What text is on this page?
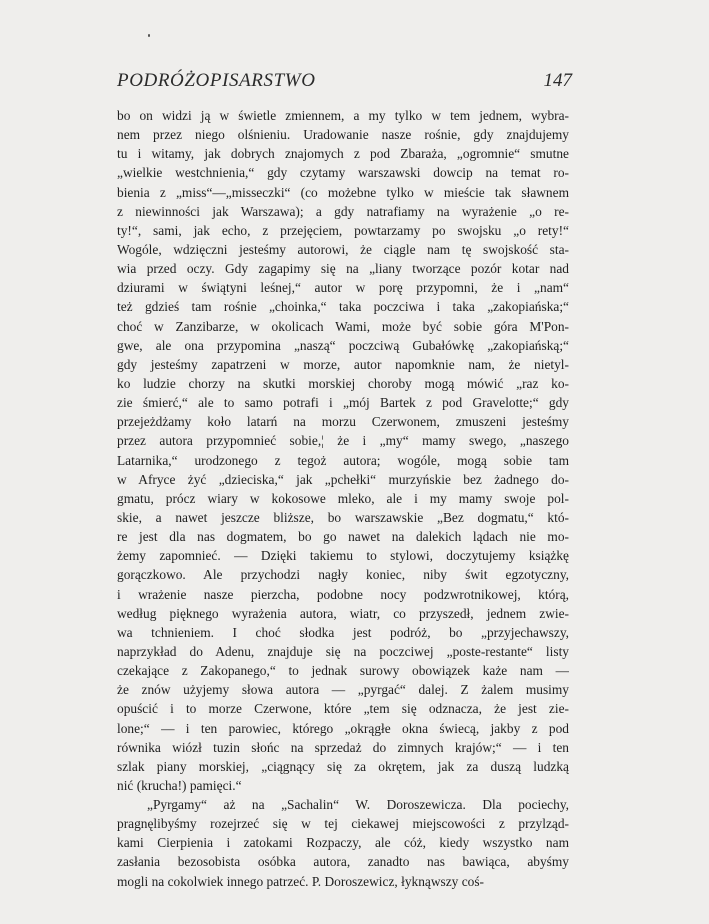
PODRÓŻOPISARSTWO	147
bo on widzi ją w świetle zmiennem, a my tylko w tem jednem, wybra-
nem przez niego olśnieniu. Uradowanie nasze rośnie, gdy znajdujemy
tu i witamy, jak dobrych znajomych z pod Zbaraża, „ogromnie“ smutne
„wielkie westchnienia,“ gdy czytamy warszawski dowcip na temat ro-
bienia z „miss“—„misseczki“ (co możebne tylko w mieście tak sławnem
z niewinności jak Warszawa); a gdy natrafiamy na wyrażenie „o re-
ty!“, sami, jak echo, z przejęciem, powtarzamy po swojsku „o rety!“
Wogóle, wdzięczni jesteśmy autorowi, że ciągle nam tę swojskość sta-
wia przed oczy. Gdy zagapimy się na „liany tworzące pozór kotar nad
dziurami w świątyni leśnej,“ autor w porę przypomni, że i „nam“
też gdzieś tam rośnie „choinka,“ taka poczciwa i taka „zakopiańska;“
choć w Zanzibarze, w okolicach Wami, może być sobie góra M'Pon-
gwe, ale ona przypomina „naszą“ poczciwą Gubałówkę „zakopiańską;“
gdy jesteśmy zapatrzeni w morze, autor napomknie nam, że nietyl-
ko ludzie chorzy na skutki morskiej choroby mogą mówić „raz ko-
zie śmierć,“ ale to samo potrafi i „mój Bartek z pod Gravelotte;“ gdy
przejeżdżamy koło latarń na morzu Czerwonem, zmuszeni jesteśmy
przez autora przypomnieć sobie,¦ że i „my“ mamy swego, „naszego
Latarnika,“ urodzonego z tegoż autora; wogóle, mogą sobie tam
w Afryce żyć „dzieciska,“ jak „pchełki“ murzyńskie bez żadnego do-
gmatu, prócz wiary w kokosowe mleko, ale i my mamy swoje pol-
skie, a nawet jeszcze bliższe, bo warszawskie „Bez dogmatu,“ któ-
re jest dla nas dogmatem, bo go nawet na dalekich lądach nie mo-
żemy zapomnieć. — Dzięki takiemu to stylowi, doczytujemy książkę
gorączkowo. Ale przychodzi nagły koniec, niby świt egzotyczny,
i wrażenie nasze pierzcha, podobne nocy podzwrotnikowej, którą,
według pięknego wyrażenia autora, wiatr, co przyszedł, jednem zwie-
wa tchnieniem. I choć słodka jest podróż, bo „przyjechawszy,
naprzykład do Adenu, znajduje się na poczciwej „poste-restante“ listy
czekające z Zakopanego,“ to jednak surowy obowiązek każe nam —
że znów użyjemy słowa autora — „pyrgać“ dalej. Z żalem musimy
opuścić i to morze Czerwone, które „tem się odznacza, że jest zie-
lone;“ — i ten parowiec, którego „okrągłe okna świecą, jakby z pod
równika wiózł tuzin słońc na sprzedaż do zimnych krajów;“ — i ten
szlak piany morskiej, „ciągnący się za okrętem, jak za duszą ludzką
nić (krucha!) pamięci.“
„Pyrgamy“ aż na „Sachalin“ W. Doroszewicza. Dla pociechy,
pragnęlibyśmy rozejrzeć się w tej ciekawej miejscowości z przylząd-
kami Cierpienia i zatokami Rozpaczy, ale cóż, kiedy wszystko nam
zasłania bezosobista osóbka autora, zanadto nas bawiąca, abyśmy
mogli na cokolwiek innego patrzeć. P. Doroszewicz, łyknąwszy coś-
